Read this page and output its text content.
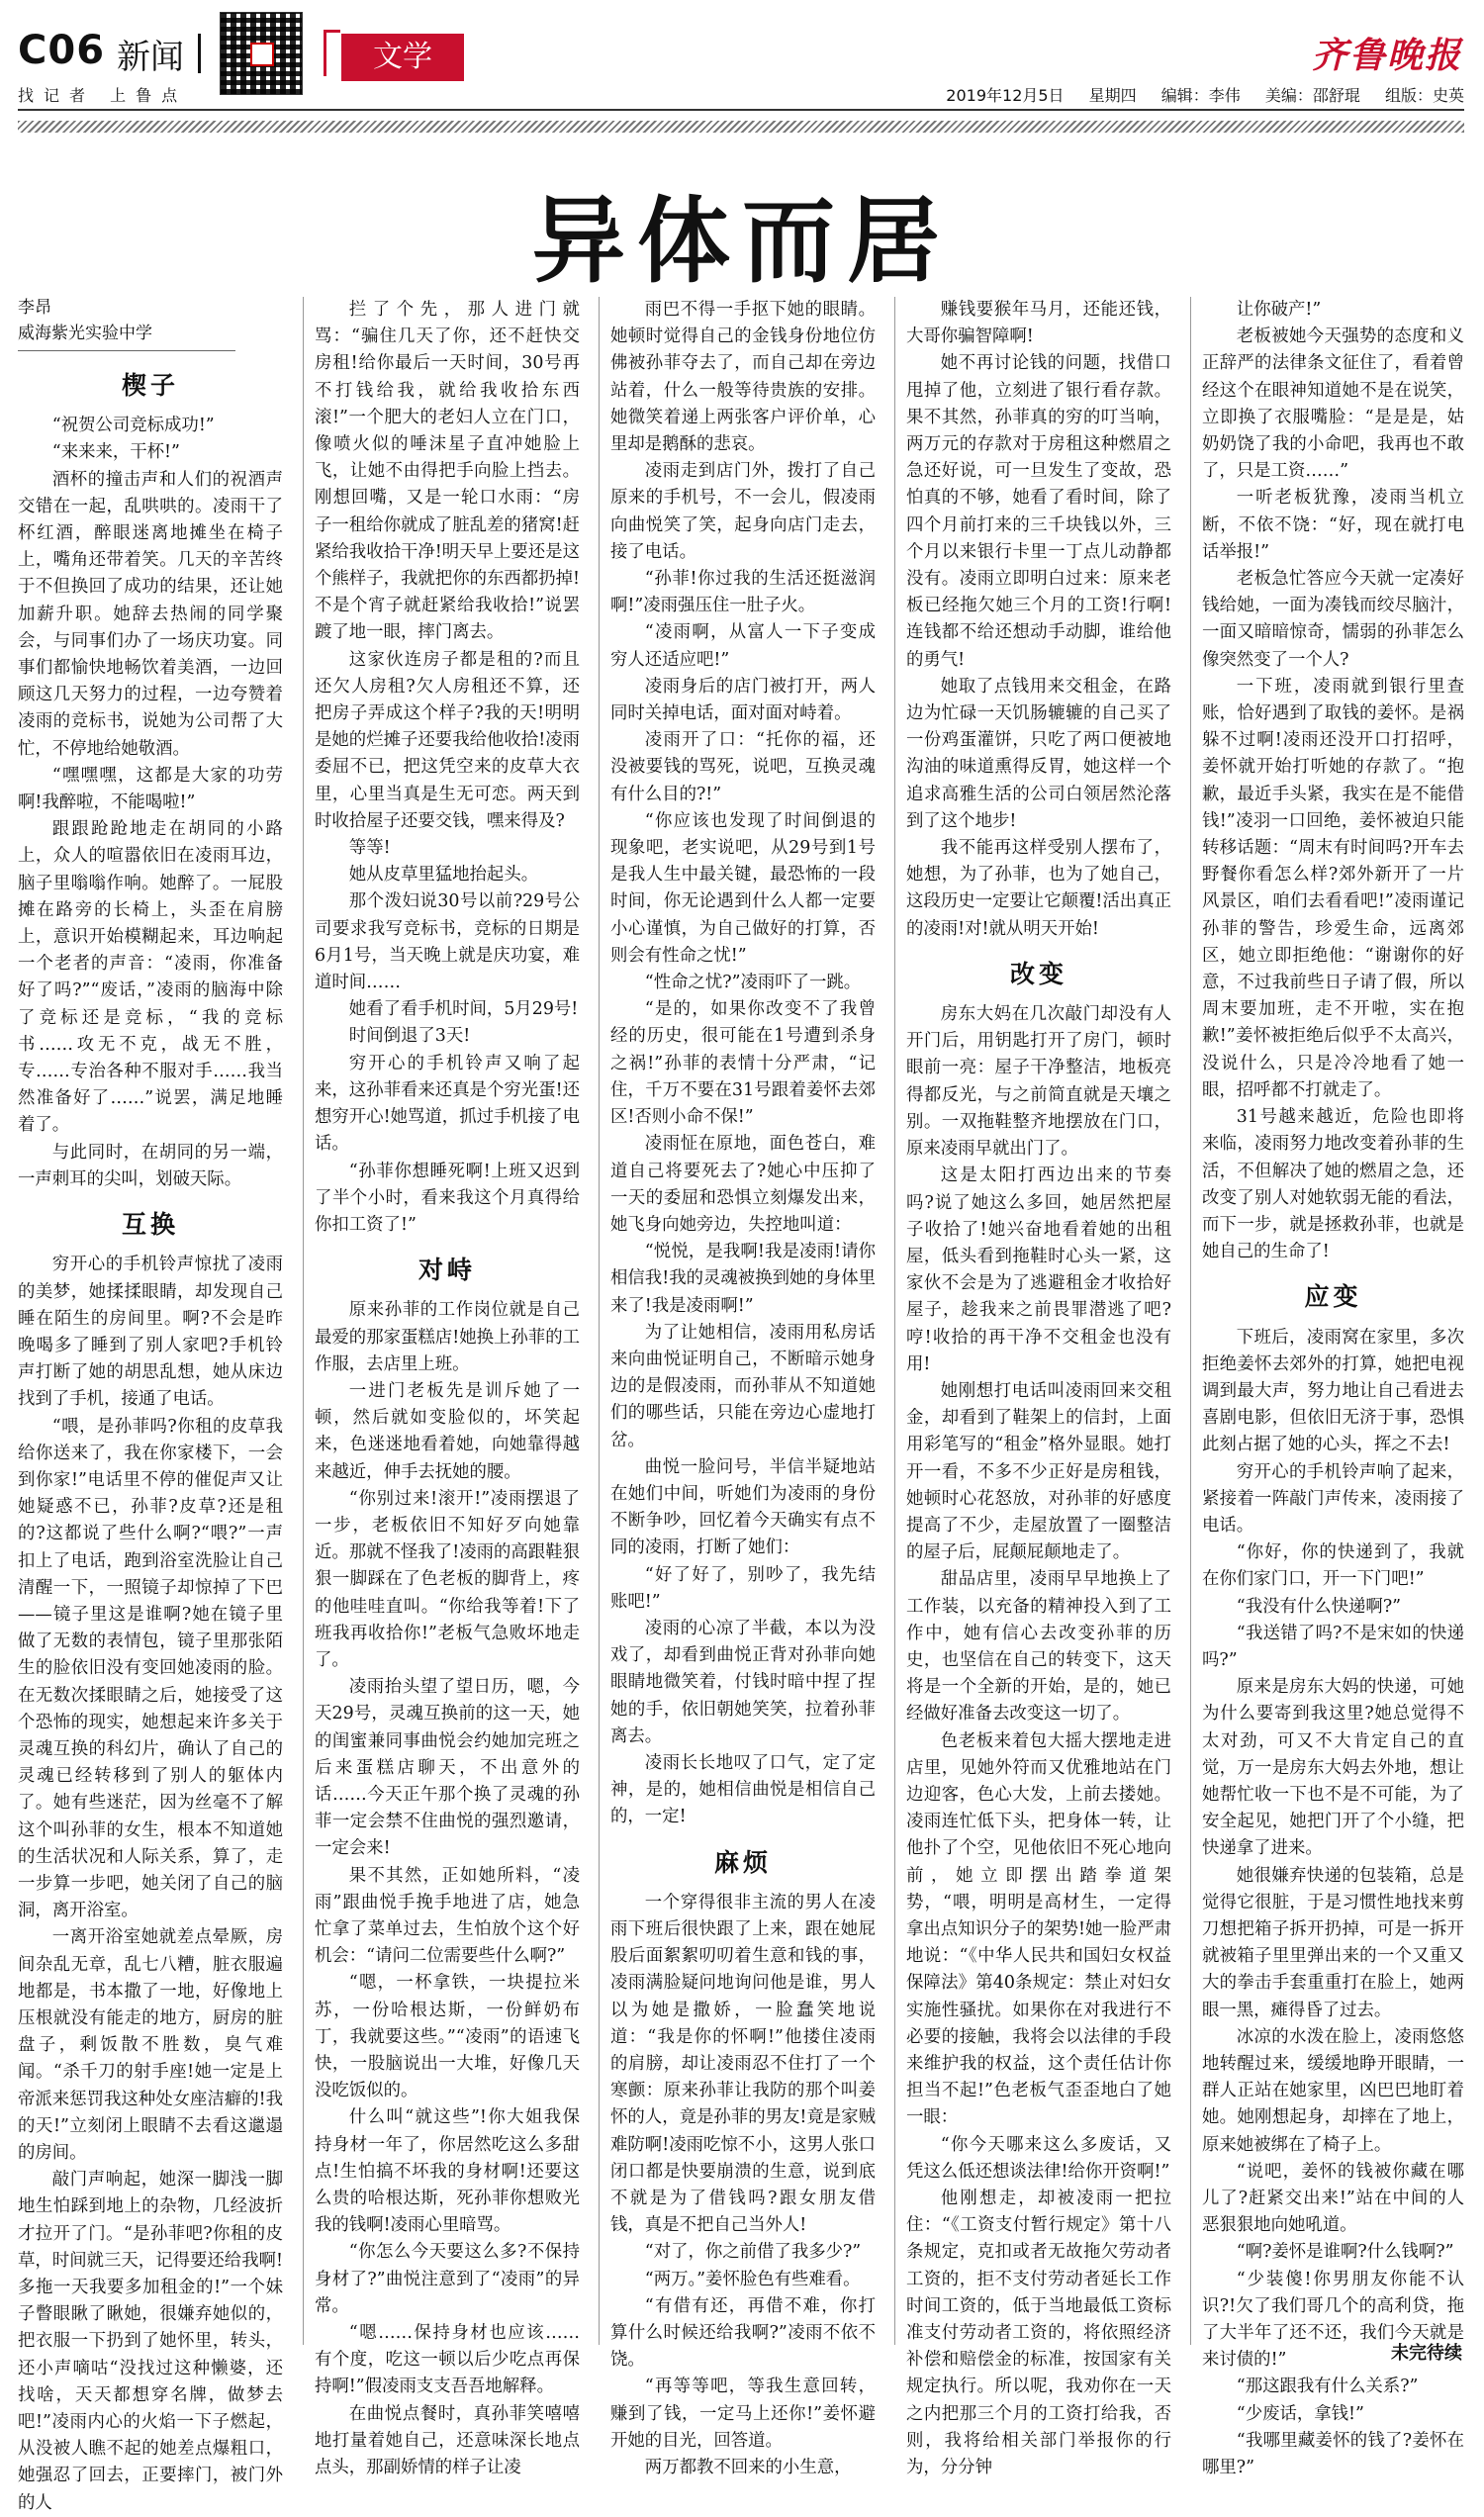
C06 新闻
找记者 上鲁点
文学	齐鲁晚报
2019年12月5日 星期四 编辑：李伟 美编：邵舒琨 组版：史英
异体而居
李昂
威海紫光实验中学
楔子

“祝贺公司竞标成功!”

“来来来，干杯!”

酒杯的撞击声和人们的祝酒声交错在一起，乱哄哄的。凌雨干了杯红酒，醉眼迷离地摊坐在椅子上，嘴角还带着笑。几天的辛苦终于不但换回了成功的结果，还让她加薪升职。她辞去热闹的同学聚会，与同事们办了一场庆功宴。同事们都愉快地畅饮着美酒，一边回顾这几天努力的过程，一边夸赞着凌雨的竞标书，说她为公司帮了大忙，不停地给她敬酒。

“嘿嘿嘿，这都是大家的功劳啊!我醉啦，不能喝啦!”

跟跟跄跄地走在胡同的小路上，众人的喧嚣依旧在凌雨耳边，脑子里嗡嗡作响。她醉了。一屁股摊在路旁的长椅上，头歪在肩膀上，意识开始模糊起来，耳边响起一个老者的声音：“凌雨，你准备好了吗?”“废话，”凌雨的脑海中除了竞标还是竞标，“我的竞标书……攻无不克，战无不胜，专……专治各种不服对手……我当然准备好了……”说罢，满足地睡着了。

与此同时，在胡同的另一端，一声刺耳的尖叫，划破天际。

互换

穷开心的手机铃声惊扰了凌雨的美梦，她揉揉眼睛，却发现自己睡在陌生的房间里。啊?不会是昨晚喝多了睡到了别人家吧?手机铃声打断了她的胡思乱想，她从床边找到了手机，接通了电话。

“喂，是孙菲吗?你租的皮草我给你送来了，我在你家楼下，一会到你家!”电话里不停的催促声又让她疑惑不已，孙菲?皮草?还是租的?这都说了些什么啊?“喂?”一声扣上了电话，跑到浴室洗脸让自己清醒一下，一照镜子却惊掉了下巴——镜子里这是谁啊?她在镜子里做了无数的表情包，镜子里那张陌生的脸依旧没有变回她凌雨的脸。在无数次揉眼睛之后，她接受了这个恐怖的现实，她想起来许多关于灵魂互换的科幻片，确认了自己的灵魂已经转移到了别人的躯体内了。她有些迷茫，因为丝毫不了解这个叫孙菲的女生，根本不知道她的生活状况和人际关系，算了，走一步算一步吧，她关闭了自己的脑洞，离开浴室。

一离开浴室她就差点晕厥，房间杂乱无章，乱七八糟，脏衣服遍地都是，书本撒了一地，好像地上压根就没有能走的地方，厨房的脏盘子，剩饭散不胜数，臭气难闻。“杀千刀的射手座!她一定是上帝派来惩罚我这种处女座洁癖的!我的天!”立刻闭上眼睛不去看这邋遢的房间。

敲门声响起，她深一脚浅一脚地生怕踩到地上的杂物，几经波折才拉开了门。“是孙菲吧?你租的皮草，时间就三天，记得要还给我啊!多拖一天我要多加租金的!”一个妹子瞥眼瞅了瞅她，很嫌弃她似的，把衣服一下扔到了她怀里，转头，还小声嘀咕“没找过这种懒婆，还找啥，天天都想穿名牌，做梦去吧!”凌雨内心的火焰一下子燃起，从没被人瞧不起的她差点爆粗口，她强忍了回去，正要摔门，被门外的人

拦了个先，那人进门就骂：“骗住几天了你，还不赶快交房租!给你最后一天时间，30号再不打钱给我，就给我收拾东西滚!”一个肥大的老妇人立在门口，像喷火似的唾沫星子直冲她脸上飞，让她不由得把手向脸上挡去。刚想回嘴，又是一轮口水雨：“房子一租给你就成了脏乱差的猪窝!赶紧给我收拾干净!明天早上要还是这个熊样子，我就把你的东西都扔掉!不是个宵子就赶紧给我收拾!”说罢踱了地一眼，摔门离去。

这家伙连房子都是租的?而且还欠人房租?欠人房租还不算，还把房子弄成这个样子?我的天!明明是她的烂摊子还要我给他收拾!凌雨委屈不已，把这凭空来的皮草大衣里，心里当真是生无可恋。两天到时收拾屋子还要交钱，嘿来得及?

等等!

她从皮草里猛地抬起头。

那个泼妇说30号以前?29号公司要求我写竞标书，竞标的日期是6月1号，当天晚上就是庆功宴，难道时间……

她看了看手机时间，5月29号!

时间倒退了3天!

穷开心的手机铃声又响了起来，这孙菲看来还真是个穷光蛋!还想穷开心!她骂道，抓过手机接了电话。

“孙菲你想睡死啊!上班又迟到了半个小时，看来我这个月真得给你扣工资了!”

对峙

原来孙菲的工作岗位就是自己最爱的那家蛋糕店!她换上孙菲的工作服，去店里上班。

一进门老板先是训斥她了一顿，然后就如变脸似的，坏笑起来，色迷迷地看着她，向她靠得越来越近，伸手去抚她的腰。

“你别过来!滚开!”凌雨摆退了一步，老板依旧不知好歹向她靠近。那就不怪我了!凌雨的高跟鞋狠狠一脚踩在了色老板的脚背上，疼的他哇哇直叫。“你给我等着!下了班我再收拾你!”老板气急败坏地走了。

凌雨抬头望了望日历，嗯，今天29号，灵魂互换前的这一天，她的闺蜜兼同事曲悦会约她加完班之后来蛋糕店聊天，不出意外的话……今天正午那个换了灵魂的孙菲一定会禁不住曲悦的强烈邀请，一定会来!

果不其然，正如她所料，“凌雨”跟曲悦手挽手地进了店，她急忙拿了菜单过去，生怕放个这个好机会：“请问二位需要些什么啊?”

“嗯，一杯拿铁，一块提拉米苏，一份哈根达斯，一份鲜奶布丁，我就要这些。”“凌雨”的语速飞快，一股脑说出一大堆，好像几天没吃饭似的。

什么叫“就这些”!你大姐我保持身材一年了，你居然吃这么多甜点!生怕搞不坏我的身材啊!还要这么贵的哈根达斯，死孙菲你想败光我的钱啊!凌雨心里暗骂。

“你怎么今天要这么多?不保持身材了?”曲悦注意到了“凌雨”的异常。

“嗯……保持身材也应该……有个度，吃这一顿以后少吃点再保持啊!”假凌雨支支吾吾地解释。

在曲悦点餐时，真孙菲笑嘻嘻地打量着她自己，还意味深长地点点头，那副娇情的样子让凌

雨巴不得一手抠下她的眼睛。她顿时觉得自己的金钱身份地位仿佛被孙菲夺去了，而自己却在旁边站着，什么一般等待贵族的安排。她微笑着递上两张客户评价单，心里却是鹅酥的悲哀。

凌雨走到店门外，拨打了自己原来的手机号，不一会儿，假凌雨向曲悦笑了笑，起身向店门走去，接了电话。

“孙菲!你过我的生活还挺滋润啊!”凌雨强压住一肚子火。

“凌雨啊，从富人一下子变成穷人还适应吧!”

凌雨身后的店门被打开，两人同时关掉电话，面对面对峙着。

凌雨开了口：“托你的福，还没被要钱的骂死，说吧，互换灵魂有什么目的?!”

“你应该也发现了时间倒退的现象吧，老实说吧，从29号到1号是我人生中最关键，最恐怖的一段时间，你无论遇到什么人都一定要小心谨慎，为自己做好的打算，否则会有性命之忧!”

“性命之忧?”凌雨吓了一跳。

“是的，如果你改变不了我曾经的历史，很可能在1号遭到杀身之祸!”孙菲的表情十分严肃，“记住，千万不要在31号跟着姜怀去郊区!否则小命不保!”

凌雨怔在原地，面色苍白，难道自己将要死去了?她心中压抑了一天的委屈和恐惧立刻爆发出来，她飞身向她旁边，失控地叫道：

“悦悦，是我啊!我是凌雨!请你相信我!我的灵魂被换到她的身体里来了!我是凌雨啊!”

为了让她相信，凌雨用私房话来向曲悦证明自己，不断暗示她身边的是假凌雨，而孙菲从不知道她们的哪些话，只能在旁边心虚地打岔。

曲悦一脸问号，半信半疑地站在她们中间，听她们为凌雨的身份不断争吵，回忆着今天确实有点不同的凌雨，打断了她们：

“好了好了，别吵了，我先结账吧!”

凌雨的心凉了半截，本以为没戏了，却看到曲悦正背对孙菲向她眼睛地微笑着，付钱时暗中捏了捏她的手，依旧朝她笑笑，拉着孙菲离去。

凌雨长长地叹了口气，定了定神，是的，她相信曲悦是相信自己的，一定!

麻烦

一个穿得很非主流的男人在凌雨下班后很快跟了上来，跟在她屁股后面絮絮叨叨着生意和钱的事，凌雨满脸疑问地询问他是谁，男人以为她是撒娇，一脸蠢笑地说道：“我是你的怀啊!”他搂住凌雨的肩膀，却让凌雨忍不住打了一个寒颤：原来孙菲让我防的那个叫姜怀的人，竟是孙菲的男友!竟是家贼难防啊!凌雨吃惊不小，这男人张口闭口都是快要崩溃的生意，说到底不就是为了借钱吗?跟女朋友借钱，真是不把自己当外人!

“对了，你之前借了我多少?”

“两万。”姜怀脸色有些难看。

“有借有还，再借不难，你打算什么时候还给我啊?”凌雨不依不饶。

“再等等吧，等我生意回转，赚到了钱，一定马上还你!”姜怀避开她的目光，回答道。

两万都教不回来的小生意，

赚钱要猴年马月，还能还钱，大哥你骗智障啊!

她不再讨论钱的问题，找借口甩掉了他，立刻进了银行看存款。果不其然，孙菲真的穷的叮当响，两万元的存款对于房租这种燃眉之急还好说，可一旦发生了变故，恐怕真的不够，她看了看时间，除了四个月前打来的三千块钱以外，三个月以来银行卡里一丁点儿动静都没有。凌雨立即明白过来：原来老板已经拖欠她三个月的工资!行啊!连钱都不给还想动手动脚，谁给他的勇气!

她取了点钱用来交租金，在路边为忙碌一天饥肠辘辘的自己买了一份鸡蛋灌饼，只吃了两口便被地沟油的味道熏得反胃，她这样一个追求高雅生活的公司白领居然沦落到了这个地步!

我不能再这样受别人摆布了，她想，为了孙菲，也为了她自己，这段历史一定要让它颠覆!活出真正的凌雨!对!就从明天开始!

改变

房东大妈在几次敲门却没有人开门后，用钥匙打开了房门，顿时眼前一亮：屋子干净整洁，地板亮得都反光，与之前简直就是天壤之别。一双拖鞋整齐地摆放在门口，原来凌雨早就出门了。

这是太阳打西边出来的节奏吗?说了她这么多回，她居然把屋子收拾了!她兴奋地看着她的出租屋，低头看到拖鞋时心头一紧，这家伙不会是为了逃避租金才收拾好屋子，趁我来之前畏罪潜逃了吧?哼!收拾的再干净不交租金也没有用!

她刚想打电话叫凌雨回来交租金，却看到了鞋架上的信封，上面用彩笔写的“租金”格外显眼。她打开一看，不多不少正好是房租钱，她顿时心花怒放，对孙菲的好感度提高了不少，走屋放置了一圈整洁的屋子后，屁颠屁颠地走了。

甜品店里，凌雨早早地换上了工作装，以充备的精神投入到了工作中，她有信心去改变孙菲的历史，也坚信在自己的转变下，这天将是一个全新的开始，是的，她已经做好准备去改变这一切了。

色老板来着包大摇大摆地走进店里，见她外符而又优雅地站在门边迎客，色心大发，上前去搂她。凌雨连忙低下头，把身体一转，让他扑了个空，见他依旧不死心地向前，她立即摆出踏拳道架势，“喂，明明是高材生，一定得拿出点知识分子的架势!她一脸严肃地说：“《中华人民共和国妇女权益保障法》第40条规定：禁止对妇女实施性骚扰。如果你在对我进行不必要的接触，我将会以法律的手段来维护我的权益，这个责任估计你担当不起!”色老板气歪歪地白了她一眼：

“你今天哪来这么多废话，又凭这么低还想谈法律!给你开资啊!”

他刚想走，却被凌雨一把拉住：“《工资支付暂行规定》第十八条规定，克扣或者无故拖欠劳动者工资的，拒不支付劳动者延长工作时间工资的，低于当地最低工资标准支付劳动者工资的，将依照经济补偿和赔偿金的标准，按国家有关规定执行。所以呢，我劝你在一天之内把那三个月的工资打给我，否则，我将给相关部门举报你的行为，分分钟

让你破产!”

老板被她今天强势的态度和义正辞严的法律条文征住了，看着曾经这个在眼神知道她不是在说笑，立即换了衣服嘴脸：“是是是，姑奶奶饶了我的小命吧，我再也不敢了，只是工资……”

一听老板犹豫，凌雨当机立断，不依不饶：“好，现在就打电话举报!”

老板急忙答应今天就一定凑好钱给她，一面为凑钱而绞尽脑汁，一面又暗暗惊奇，懦弱的孙菲怎么像突然变了一个人?

一下班，凌雨就到银行里查账，恰好遇到了取钱的姜怀。是祸躲不过啊!凌雨还没开口打招呼，姜怀就开始打听她的存款了。“抱歉，最近手头紧，我实在是不能借钱!”凌羽一口回绝，姜怀被迫只能转移话题：“周末有时间吗?开车去野餐你看怎么样?郊外新开了一片风景区，咱们去看看吧!”凌雨谨记孙菲的警告，珍爱生命，远离郊区，她立即拒绝他：“谢谢你的好意，不过我前些日子请了假，所以周末要加班，走不开啦，实在抱歉!”姜怀被拒绝后似乎不太高兴，没说什么，只是冷冷地看了她一眼，招呼都不打就走了。

31号越来越近，危险也即将来临，凌雨努力地改变着孙菲的生活，不但解决了她的燃眉之急，还改变了别人对她软弱无能的看法，而下一步，就是拯救孙菲，也就是她自己的生命了!

应变

下班后，凌雨窝在家里，多次拒绝姜怀去郊外的打算，她把电视调到最大声，努力地让自己看进去喜剧电影，但依旧无济于事，恐惧此刻占据了她的心头，挥之不去!

穷开心的手机铃声响了起来，紧接着一阵敲门声传来，凌雨接了电话。

“你好，你的快递到了，我就在你们家门口，开一下门吧!”

“我没有什么快递啊?”

“我送错了吗?不是宋如的快递吗?”

原来是房东大妈的快递，可她为什么要寄到我这里?她总觉得不太对劲，可又不大肯定自己的直觉，万一是房东大妈去外地，想让她帮忙收一下也不是不可能，为了安全起见，她把门开了个小缝，把快递拿了进来。

她很嫌弃快递的包装箱，总是觉得它很脏，于是习惯性地找来剪刀想把箱子拆开扔掉，可是一拆开就被箱子里里弹出来的一个又重又大的拳击手套重重打在脸上，她两眼一黑，瘫得昏了过去。

冰凉的水泼在脸上，凌雨悠悠地转醒过来，缓缓地睁开眼睛，一群人正站在她家里，凶巴巴地盯着她。她刚想起身，却摔在了地上，原来她被绑在了椅子上。

“说吧，姜怀的钱被你藏在哪儿了?赶紧交出来!”站在中间的人恶狠狠地向她吼道。

“啊?姜怀是谁啊?什么钱啊?”

“少装傻!你男朋友你能不认识?!欠了我们哥几个的高利贷，拖了大半年了还不还，我们今天就是来讨债的!”

“那这跟我有什么关系?”

“少废话，拿钱!”

“我哪里藏姜怀的钱了?姜怀在哪里?”

未完待续
